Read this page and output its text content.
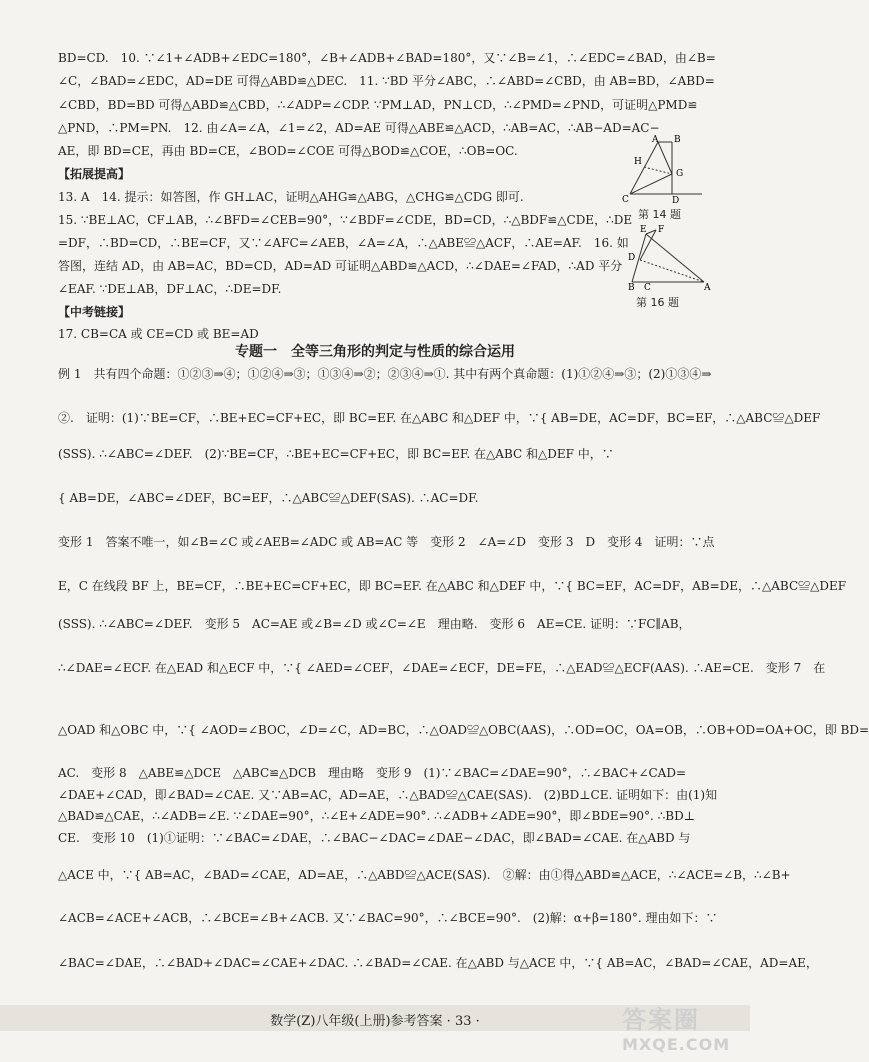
BD=CD.　10. ∵∠1+∠ADB+∠EDC=180°，∠B+∠ADB+∠BAD=180°，又∵∠B=∠1，∴∠EDC=∠BAD，由∠B=
∠C，∠BAD=∠EDC，AD=DE 可得△ABD≌△DEC.　11. ∵BD 平分∠ABC，∴∠ABD=∠CBD，由 AB=BD，∠ABD=
∠CBD，BD=BD 可得△ABD≌△CBD，∴∠ADP=∠CDP. ∵PM⊥AD，PN⊥CD，∴∠PMD=∠PND，可证明△PMD≌
△PND，∴PM=PN.　12. 由∠A=∠A，∠1=∠2，AD=AE 可得△ABE≌△ACD，∴AB=AC，∴AB−AD=AC−
AE，即 BD=CE，再由 BD=CE，∠BOD=∠COE 可得△BOD≌△COE，∴OB=OC.
【拓展提高】
13. A　14. 提示：如答图，作 GH⊥AC，证明△AHG≌△ABG，△CHG≌△CDG 即可.
15. ∵BE⊥AC，CF⊥AB，∴∠BFD=∠CEB=90°，∵∠BDF=∠CDE，BD=CD，∴△BDF≌△CDE，∴DE
=DF，∴BD=CD，∴BE=CF，又∵∠AFC=∠AEB，∠A=∠A，∴△ABE≌△ACF，∴AE=AF.　16. 如
答图，连结 AD，由 AB=AC，BD=CD，AD=AD 可证明△ABD≌△ACD，∴∠DAE=∠FAD，∴AD 平分
∠EAF. ∵DE⊥AB，DF⊥AC，∴DE=DF.
【中考链接】
17. CB=CA 或 CE=CD 或 BE=AD
专题一　全等三角形的判定与性质的综合运用
例 1　共有四个命题：①②③⇒④；①②④⇒③；①③④⇒②；②③④⇒①. 其中有两个真命题：(1)①②④⇒③；(2)①③④⇒
②.　证明：(1)∵BE=CF，∴BE+EC=CF+EC，即 BC=EF. 在△ABC 和△DEF 中，∵{ AB=DE，AC=DF，BC=EF，∴△ABC≌△DEF
(SSS). ∴∠ABC=∠DEF.　(2)∵BE=CF，∴BE+EC=CF+EC，即 BC=EF. 在△ABC 和△DEF 中，∵
{ AB=DE，∠ABC=∠DEF，BC=EF，∴△ABC≌△DEF(SAS). ∴AC=DF.
变形 1　答案不唯一，如∠B=∠C 或∠AEB=∠ADC 或 AB=AC 等　变形 2　∠A=∠D　变形 3　D　变形 4　证明：∵点
E，C 在线段 BF 上，BE=CF，∴BE+EC=CF+EC，即 BC=EF. 在△ABC 和△DEF 中，∵{ BC=EF，AC=DF，AB=DE，∴△ABC≌△DEF
(SSS). ∴∠ABC=∠DEF.　变形 5　AC=AE 或∠B=∠D 或∠C=∠E　理由略.　变形 6　AE=CE. 证明：∵FC∥AB，
∴∠DAE=∠ECF. 在△EAD 和△ECF 中，∵{ ∠AED=∠CEF，∠DAE=∠ECF，DE=FE，∴△EAD≌△ECF(AAS). ∴AE=CE.　变形 7　在
△OAD 和△OBC 中，∵{ ∠AOD=∠BOC，∠D=∠C，AD=BC，∴△OAD≌△OBC(AAS)，∴OD=OC，OA=OB，∴OB+OD=OA+OC，即 BD=
AC.　变形 8　△ABE≌△DCE　△ABC≌△DCB　理由略　变形 9　(1)∵∠BAC=∠DAE=90°，∴∠BAC+∠CAD=
∠DAE+∠CAD，即∠BAD=∠CAE. 又∵AB=AC，AD=AE，∴△BAD≌△CAE(SAS).　(2)BD⊥CE. 证明如下：由(1)知
△BAD≌△CAE，∴∠ADB=∠E. ∵∠DAE=90°，∴∠E+∠ADE=90°. ∴∠ADB+∠ADE=90°，即∠BDE=90°. ∴BD⊥
CE.　变形 10　(1)①证明：∵∠BAC=∠DAE，∴∠BAC−∠DAC=∠DAE−∠DAC，即∠BAD=∠CAE. 在△ABD 与
△ACE 中，∵{ AB=AC，∠BAD=∠CAE，AD=AE，∴△ABD≌△ACE(SAS).　②解：由①得△ABD≌△ACE，∴∠ACE=∠B，∴∠B+
∠ACB=∠ACE+∠ACB，∴∠BCE=∠B+∠ACB. 又∵∠BAC=90°，∴∠BCE=90°.　(2)解：α+β=180°. 理由如下：∵
∠BAC=∠DAE，∴∠BAD+∠DAC=∠CAE+∠DAC. ∴∠BAD=∠CAE. 在△ABD 与△ACE 中，∵{ AB=AC，∠BAD=∠CAE，AD=AE，
H
A B
G
C	D
第 14 题
E F
D
A
B C
第 16 题
数学(Z)八年级(上册)参考答案 · 33 ·	答案圈
MXQE.COM
